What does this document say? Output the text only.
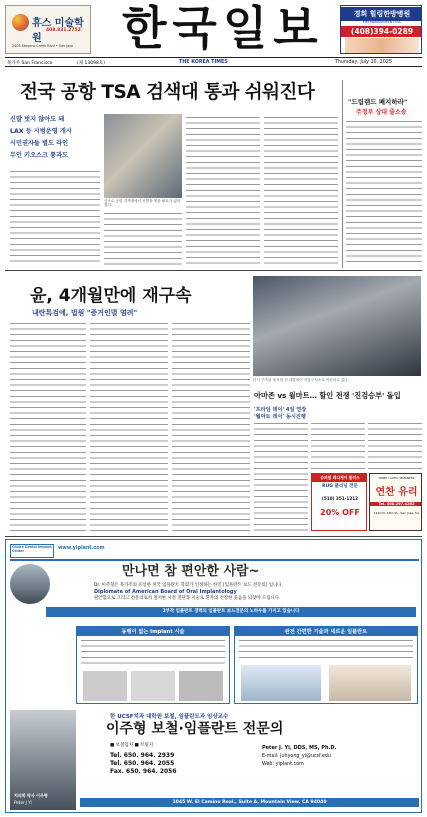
휴스 미술학원
408.831.2752
2405 Stevens Creek Blvd • San Jose 한국일보	경희 힐링한방병원
FIM MANAGEMENT INC
(408)394-0289
북가주 San Francisco	(제 13098호)	THE KOREA TIMES	Thursday, July 10, 2025
전국 공항 TSA 검색대 통과 쉬워진다
신발 벗지 않아도 돼
LAX 등 시범운영 개시
시민권자들 별도 라인
무인 키오스크 통과도
앞으로 공항 검색대에서 신발을 벗을 필요가 없어졌다.
"드림랜드 폐지하라"
주정부 상대 줄소송
윤, 4개월만에 재구속
내란특검에, 법원 "증거인멸 염려"
다시 구속된 윤석열 전 대통령이 서울구치소로 이송되고 있다.
아마존 vs 월마트… 할인 전쟁 '진검승부' 돌입
'프라임 데이' 4일 연장
'월마트 데이' 동시진행
슈퍼필 레디케어 플러스
RUG 클리닝 전문
(510) 351-1212
20% OFF
HOME / AUTO / BUSINESS
연찬 유리
Tel. 408.297.4262
1120 N. 14th St., San Jose, CA
Choice Dental Implant Center	www.yiplant.com
만나면 참 편안한 사람~
Dr. 이주형은 북가주의 유일한 미국 임플란트 학회가 인정하는 한인 [임플란트 보드 전문의] 입니다.
Diplomate of American Board of Oral Implantology
편안함으로 그리고 전문의로서 철저한 사전 진단과 시술로 환자의 건강한 웃음을 되찾아 드립니다.
2부작 임플란트 경력의 임플란트 보드전문의 노하우를 가지고 있습니다
동행이 없는 Implant 시술	완전 간편한 기술과 새로운 임플란트
치의학 박사 이주형
Peter J Yi
한 UCSF치과 대학원 보철, 임플란트과 임상교수
이주형 보철·임플란트 전문의
■ 보철임치 ■ 브릿지
Tel. 650. 964. 2939
Tel. 650. 964. 2055
Fax. 650. 964. 2056
Peter J. Yi, DDS, MS, Ph.D.
E-mail: juhyong_yi@ucsf.edu
Web: yiplant.com
1045 W. El Camino Real., Suite A, Mountain View, CA 94040
